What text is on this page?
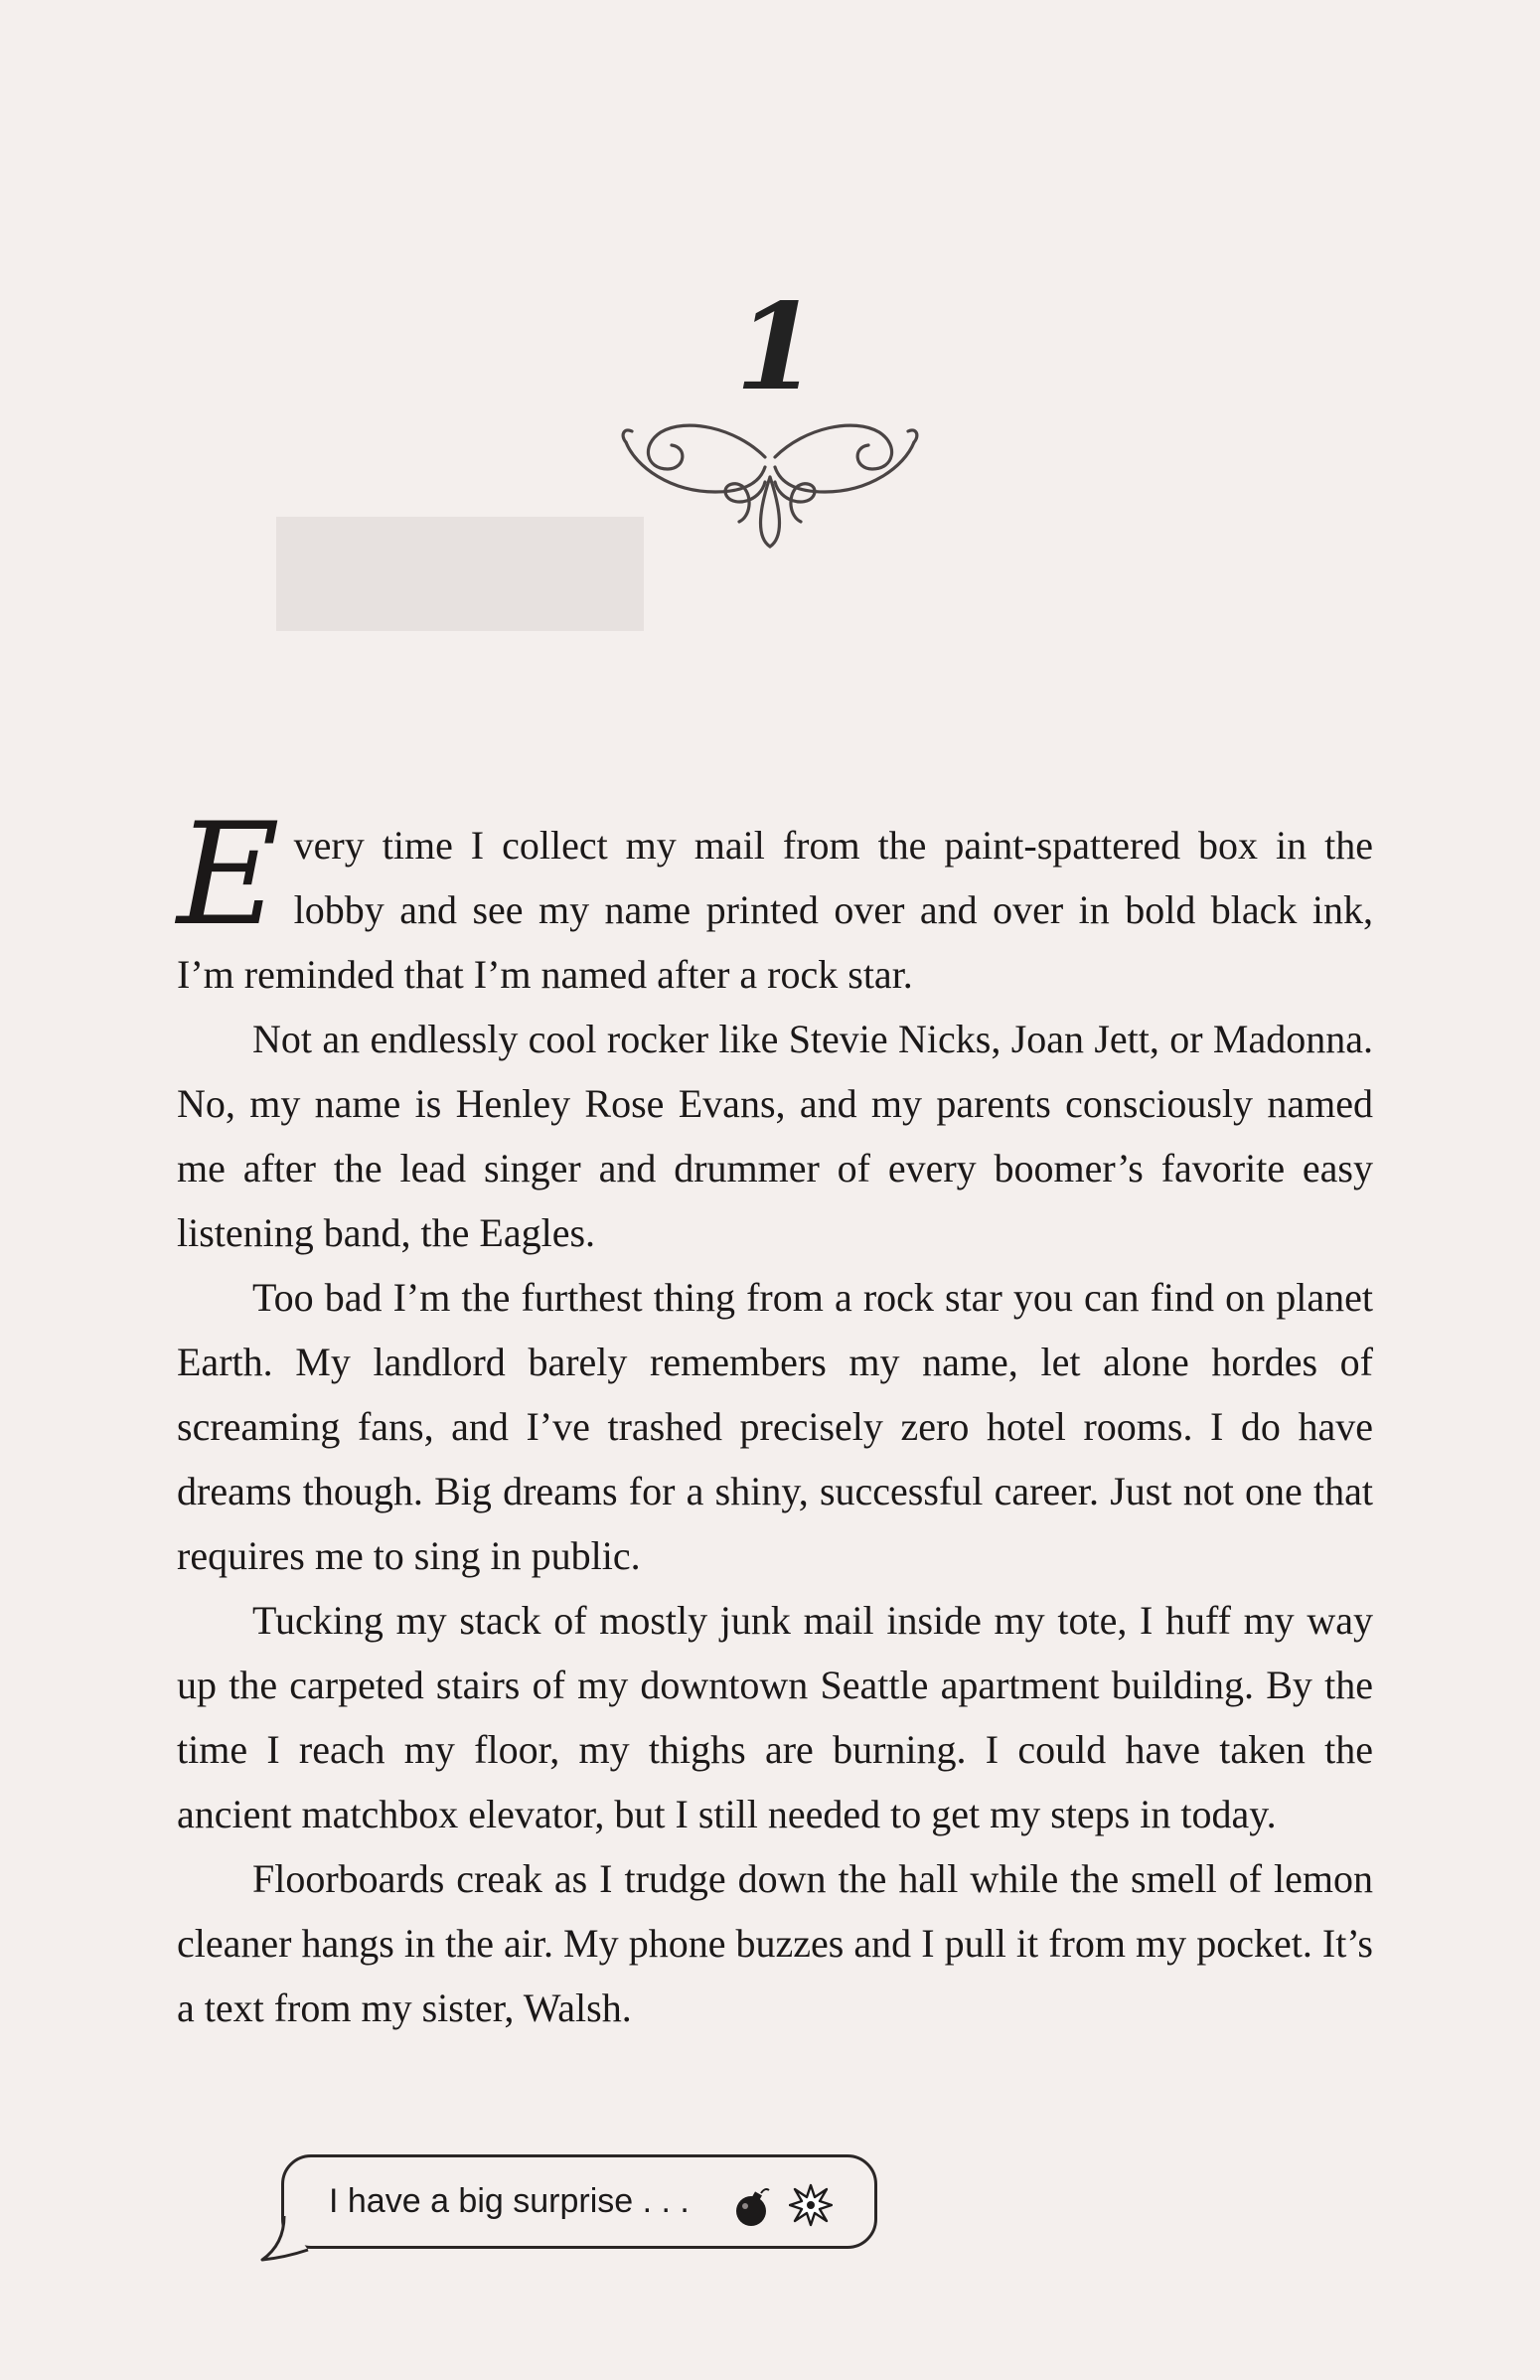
1

Every time I collect my mail from the paint-spattered box in the lobby and see my name printed over and over in bold black ink, I’m reminded that I’m named after a rock star.

Not an endlessly cool rocker like Stevie Nicks, Joan Jett, or Madonna. No, my name is Henley Rose Evans, and my parents consciously named me after the lead singer and drummer of every boomer’s favorite easy listening band, the Eagles.

Too bad I’m the furthest thing from a rock star you can find on planet Earth. My landlord barely remembers my name, let alone hordes of screaming fans, and I’ve trashed precisely zero hotel rooms. I do have dreams though. Big dreams for a shiny, successful career. Just not one that requires me to sing in public.

Tucking my stack of mostly junk mail inside my tote, I huff my way up the carpeted stairs of my downtown Seattle apartment building. By the time I reach my floor, my thighs are burning. I could have taken the ancient matchbox elevator, but I still needed to get my steps in today.

Floorboards creak as I trudge down the hall while the smell of lemon cleaner hangs in the air. My phone buzzes and I pull it from my pocket. It’s a text from my sister, Walsh.

I have a big surprise . . .
